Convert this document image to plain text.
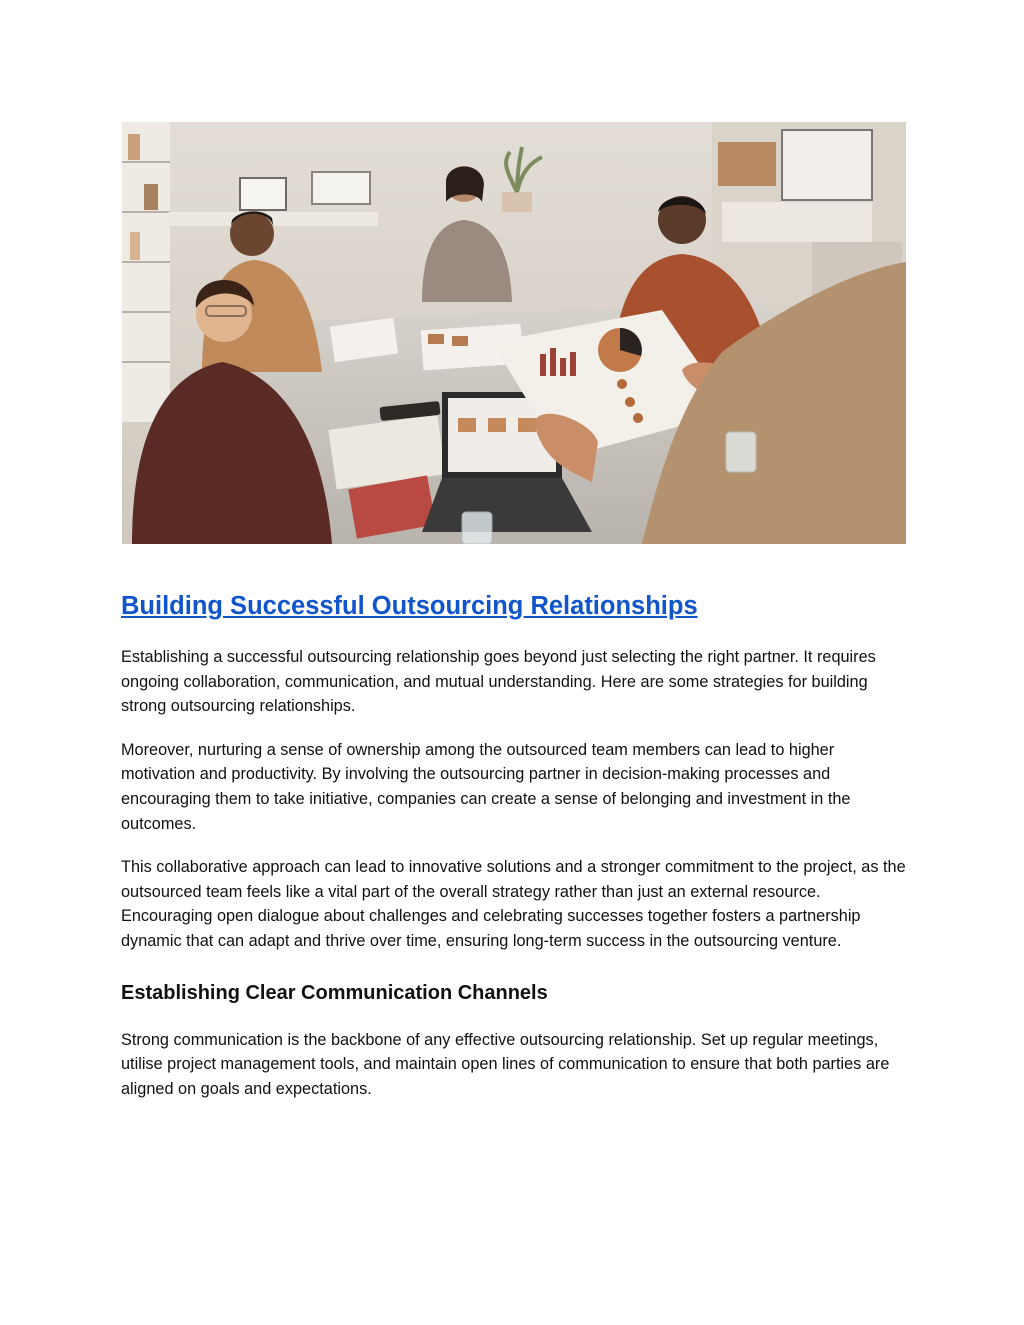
Building Successful Outsourcing Relationships

Establishing a successful outsourcing relationship goes beyond just selecting the right partner. It requires ongoing collaboration, communication, and mutual understanding. Here are some strategies for building strong outsourcing relationships.

Moreover, nurturing a sense of ownership among the outsourced team members can lead to higher motivation and productivity. By involving the outsourcing partner in decision-making processes and encouraging them to take initiative, companies can create a sense of belonging and investment in the outcomes.

This collaborative approach can lead to innovative solutions and a stronger commitment to the project, as the outsourced team feels like a vital part of the overall strategy rather than just an external resource. Encouraging open dialogue about challenges and celebrating successes together fosters a partnership dynamic that can adapt and thrive over time, ensuring long-term success in the outsourcing venture.

Establishing Clear Communication Channels

Strong communication is the backbone of any effective outsourcing relationship. Set up regular meetings, utilise project management tools, and maintain open lines of communication to ensure that both parties are aligned on goals and expectations.
